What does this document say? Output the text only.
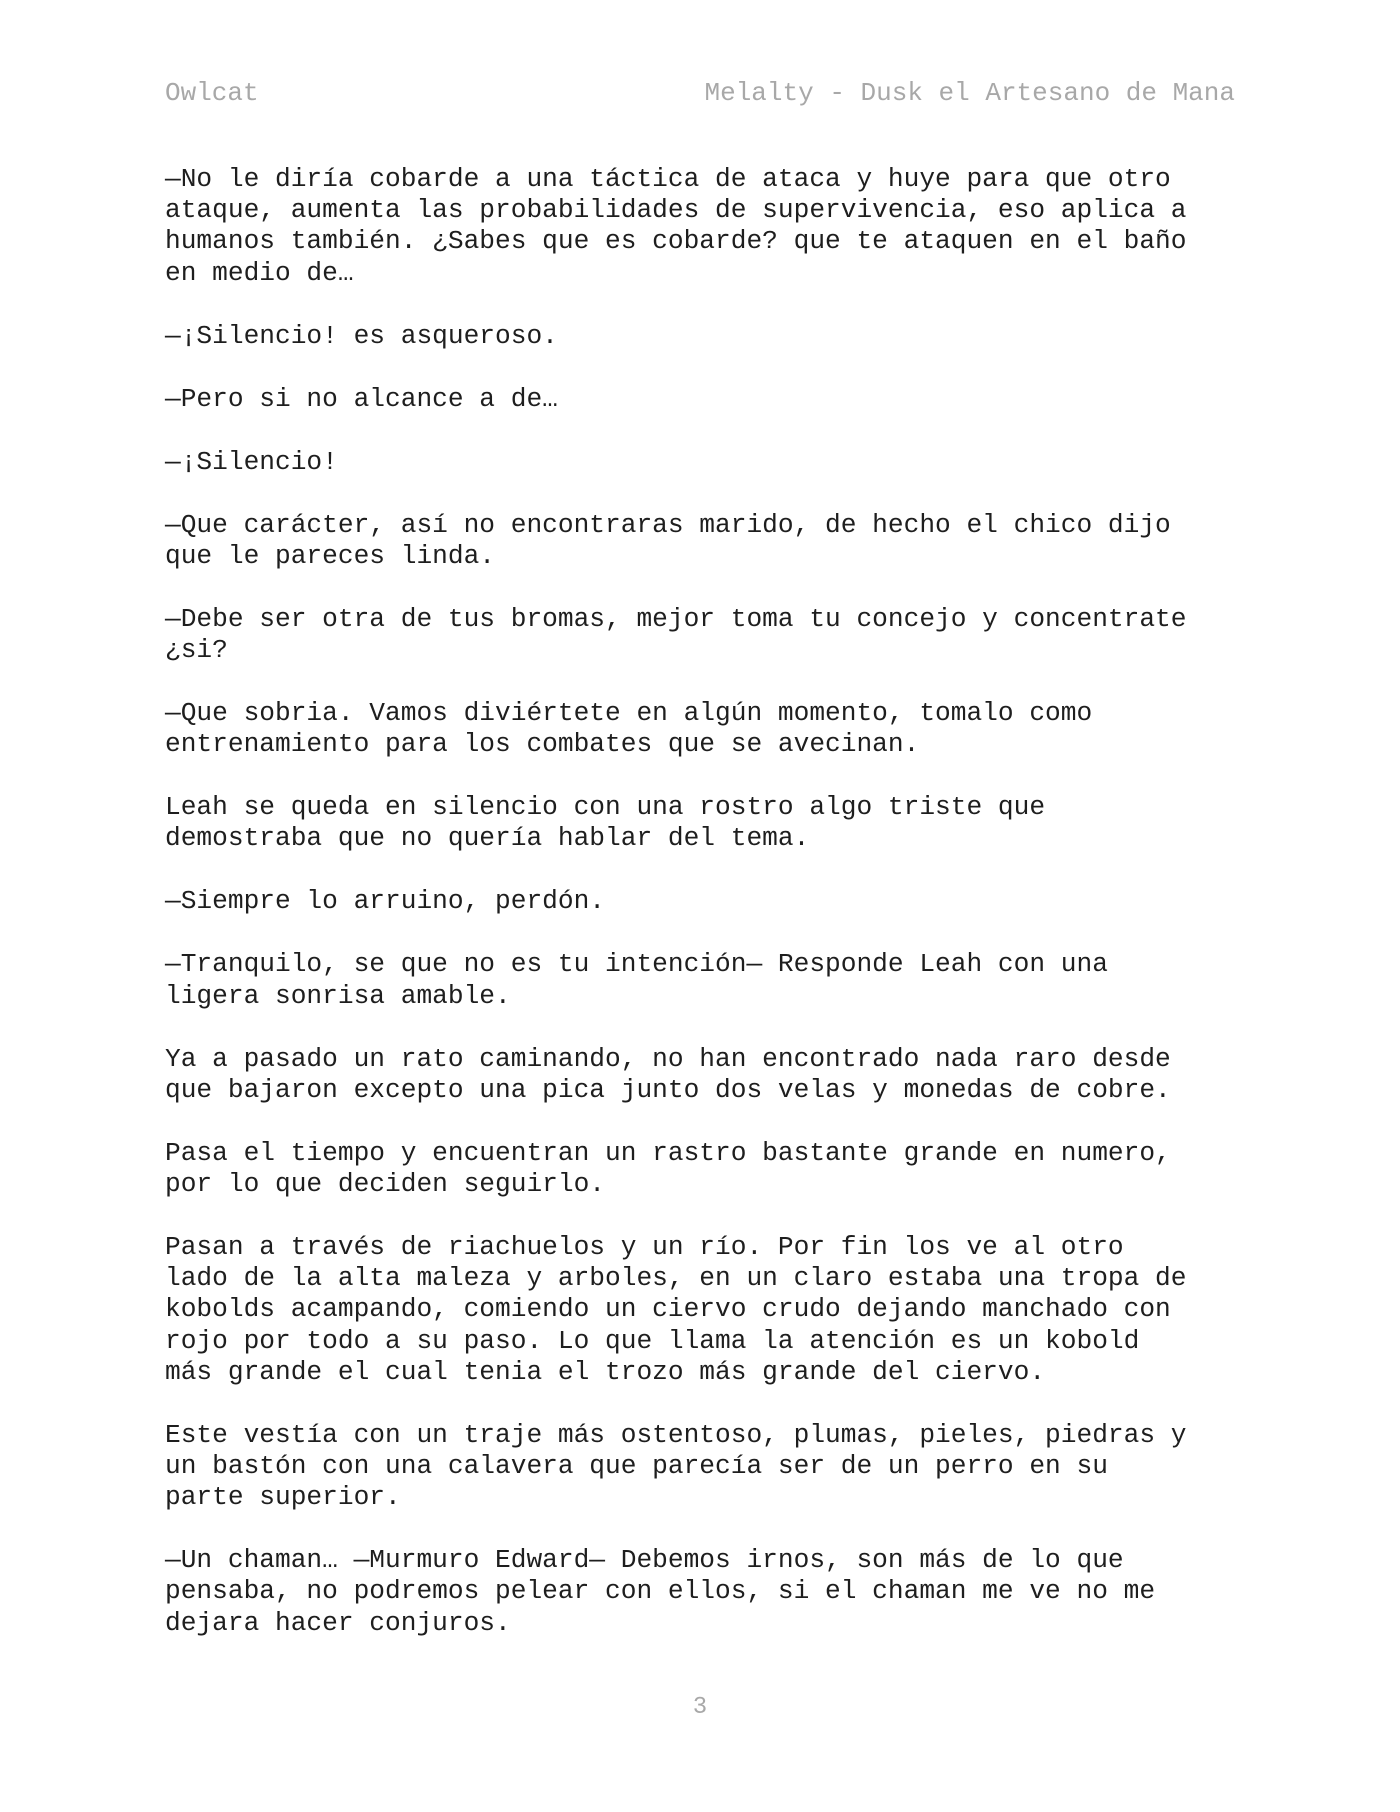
Owlcat	Melalty - Dusk el Artesano de Mana

—No le diría cobarde a una táctica de ataca y huye para que otro
ataque, aumenta las probabilidades de supervivencia, eso aplica a
humanos también. ¿Sabes que es cobarde? que te ataquen en el baño
en medio de…

—¡Silencio! es asqueroso.

—Pero si no alcance a de…

—¡Silencio!

—Que carácter, así no encontraras marido, de hecho el chico dijo
que le pareces linda.

—Debe ser otra de tus bromas, mejor toma tu concejo y concentrate
¿si?

—Que sobria. Vamos diviértete en algún momento, tomalo como
entrenamiento para los combates que se avecinan.

Leah se queda en silencio con una rostro algo triste que
demostraba que no quería hablar del tema.

—Siempre lo arruino, perdón.

—Tranquilo, se que no es tu intención— Responde Leah con una
ligera sonrisa amable.

Ya a pasado un rato caminando, no han encontrado nada raro desde
que bajaron excepto una pica junto dos velas y monedas de cobre.

Pasa el tiempo y encuentran un rastro bastante grande en numero,
por lo que deciden seguirlo.

Pasan a través de riachuelos y un río. Por fin los ve al otro
lado de la alta maleza y arboles, en un claro estaba una tropa de
kobolds acampando, comiendo un ciervo crudo dejando manchado con
rojo por todo a su paso. Lo que llama la atención es un kobold
más grande el cual tenia el trozo más grande del ciervo.

Este vestía con un traje más ostentoso, plumas, pieles, piedras y
un bastón con una calavera que parecía ser de un perro en su
parte superior.

—Un chaman… —Murmuro Edward— Debemos irnos, son más de lo que
pensaba, no podremos pelear con ellos, si el chaman me ve no me
dejara hacer conjuros.

3
